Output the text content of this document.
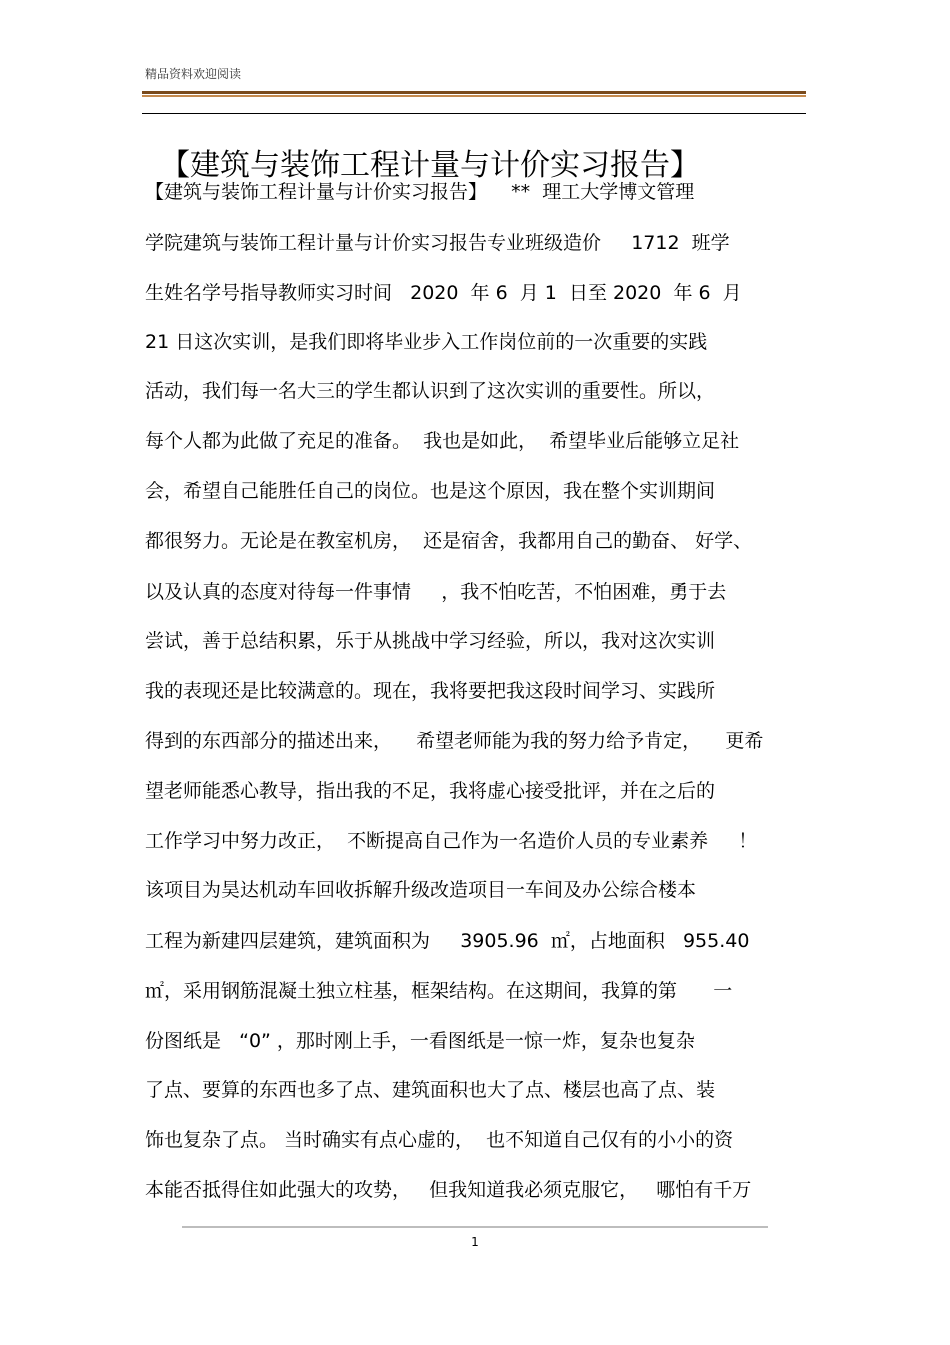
精品资料欢迎阅读
【建筑与装饰工程计量与计价实习报告】
【建筑与装饰工程计量与计价实习报告】    **  理工大学博文管理
学院建筑与装饰工程计量与计价实习报告专业班级造价     1712  班学
生姓名学号指导教师实习时间   2020  年 6  月 1  日至 2020  年 6  月
21 日这次实训，是我们即将毕业步入工作岗位前的一次重要的实践
活动，我们每一名大三的学生都认识到了这次实训的重要性。所以，
每个人都为此做了充足的准备。  我也是如此，  希望毕业后能够立足社
会，希望自己能胜任自己的岗位。也是这个原因，我在整个实训期间
都很努力。无论是在教室机房，  还是宿舍，我都用自己的勤奋、 好学、
以及认真的态度对待每一件事情     ，我不怕吃苦，不怕困难，勇于去
尝试，善于总结积累，乐于从挑战中学习经验，所以，我对这次实训
我的表现还是比较满意的。现在，我将要把我这段时间学习、实践所
得到的东西部分的描述出来，    希望老师能为我的努力给予肯定，    更希
望老师能悉心教导，指出我的不足，我将虚心接受批评，并在之后的
工作学习中努力改正，  不断提高自己作为一名造价人员的专业素养     ！
该项目为昊达机动车回收拆解升级改造项目一车间及办公综合楼本
工程为新建四层建筑，建筑面积为     3905.96  ㎡，占地面积   955.40
㎡，采用钢筋混凝土独立柱基，框架结构。在这期间，我算的第      一
份图纸是   “0” ，那时刚上手，一看图纸是一惊一炸，复杂也复杂
了点、要算的东西也多了点、建筑面积也大了点、楼层也高了点、装
饰也复杂了点。 当时确实有点心虚的，  也不知道自己仅有的小小的资
本能否抵得住如此强大的攻势，   但我知道我必须克服它，   哪怕有千万
1
